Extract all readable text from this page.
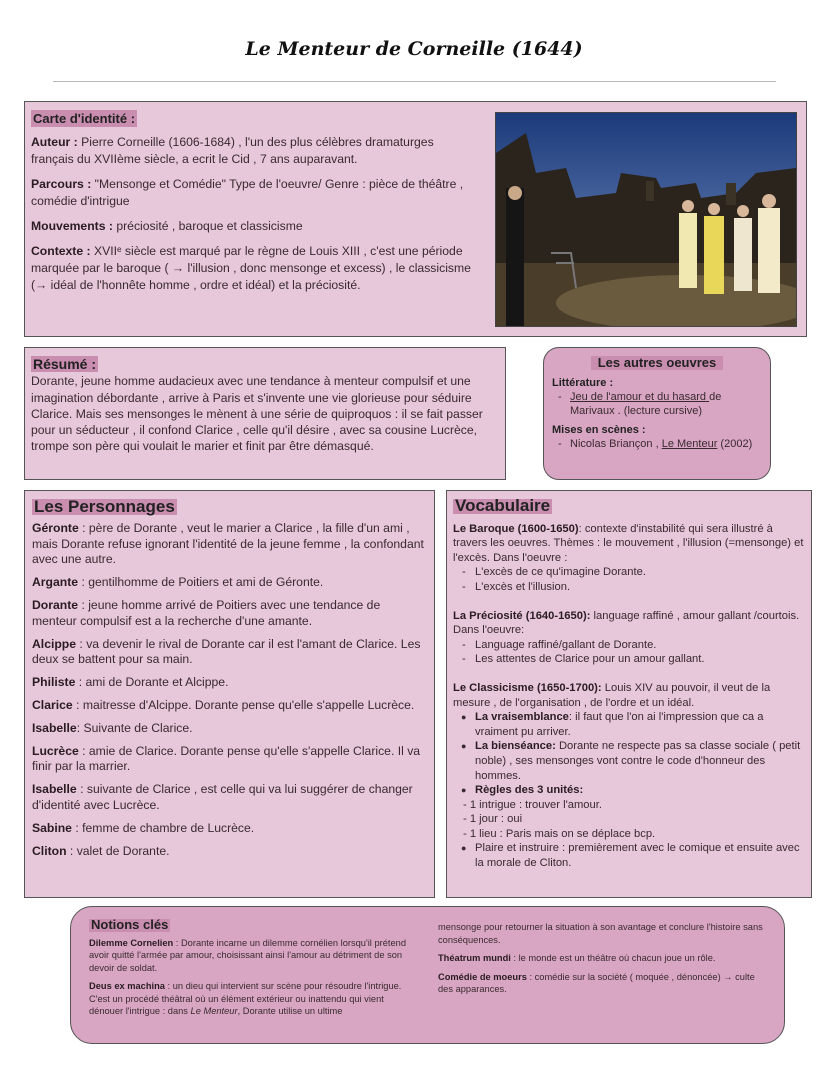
Le Menteur de Corneille (1644)
Carte d'identité :

Auteur : Pierre Corneille (1606-1684) , l'un des plus célèbres dramaturges français du XVIIème siècle, a ecrit le Cid , 7 ans auparavant.

Parcours : "Mensonge et Comédie" Type de l'oeuvre/ Genre : pièce de théâtre , comédie d'intrigue

Mouvements : préciosité , baroque et classicisme

Contexte : XVIIᵉ siècle est marqué par le règne de Louis XIII , c'est une période marquée par le baroque ( → l'illusion , donc mensonge et excess) , le classicisme (→ idéal de l'honnête homme , ordre et idéal) et la préciosité.

Résumé :

Dorante, jeune homme audacieux avec une tendance à menteur compulsif et une imagination débordante , arrive à Paris et s'invente une vie glorieuse pour séduire Clarice. Mais ses mensonges le mènent à une série de quiproquos : il se fait passer pour un séducteur , il confond Clarice , celle qu'il désire , avec sa cousine Lucrèce, trompe son père qui voulait le marier et finit par être démasqué.

Les autres oeuvres
Littérature :
- Jeu de l'amour et du hasard de Marivaux . (lecture cursive)
Mises en scènes :
- Nicolas Briançon , Le Menteur (2002)
Les Personnages

Géronte : père de Dorante , veut le marier a Clarice , la fille d'un ami , mais Dorante refuse ignorant l'identité de la jeune femme , la confondant avec une autre.

Argante : gentilhomme de Poitiers et ami de Géronte.

Dorante : jeune homme arrivé de Poitiers avec une tendance de menteur compulsif est a la recherche d'une amante.

Alcippe : va devenir le rival de Dorante car il est l'amant de Clarice. Les deux se battent pour sa main.

Philiste : ami de Dorante et Alcippe.

Clarice : maitresse d'Alcippe. Dorante pense qu'elle s'appelle Lucrèce.

Isabelle: Suivante de Clarice.

Lucrèce : amie de Clarice. Dorante pense qu'elle s'appelle Clarice. Il va finir par la marrier.

Isabelle : suivante de Clarice , est celle qui va lui suggérer de changer d'identité avec Lucrèce.

Sabine : femme de chambre de Lucrèce.

Cliton : valet de Dorante.

Vocabulaire

Le Baroque (1600-1650): contexte d'instabilité qui sera illustré à travers les oeuvres. Thèmes : le mouvement , l'illusion (=mensonge) et l'excès. Dans l'oeuvre :

- L'excès de ce qu'imagine Dorante.
- L'excès et l'illusion.

La Préciosité (1640-1650): language raffiné , amour gallant /courtois. Dans l'oeuvre:

- Language raffiné/gallant de Dorante.
- Les attentes de Clarice pour un amour gallant.

Le Classicisme (1650-1700): Louis XIV au pouvoir, il veut de la mesure , de l'organisation , de l'ordre et un idéal.

● La vraisemblance: il faut que l'on ai l'impression que ca a vraiment pu arriver.
● La bienséance: Dorante ne respecte pas sa classe sociale ( petit noble) , ses mensonges vont contre le code d'honneur des hommes.
● Règles des 3 unités:
- 1 intrigue : trouver l'amour.
- 1 jour : oui
- 1 lieu : Paris mais on se déplace bcp.
● Plaire et instruire : premièrement avec le comique et ensuite avec la morale de Cliton.
Notions clés

Dilemme Cornelien : Dorante incarne un dilemme cornélien lorsqu'il prétend avoir quitté l'armée par amour, choisissant ainsi l'amour au détriment de son devoir de soldat.

Deus ex machina : un dieu qui intervient sur scène pour résoudre l'intrigue. C'est un procédé théâtral où un élément extérieur ou inattendu qui vient dénouer l'intrigue : dans Le Menteur, Dorante utilise un ultime

mensonge pour retourner la situation à son avantage et conclure l'histoire sans conséquences.

Théatrum mundi : le monde est un théâtre où chacun joue un rôle.

Comédie de moeurs : comédie sur la société ( moquée , dénoncée) → culte des apparances.
